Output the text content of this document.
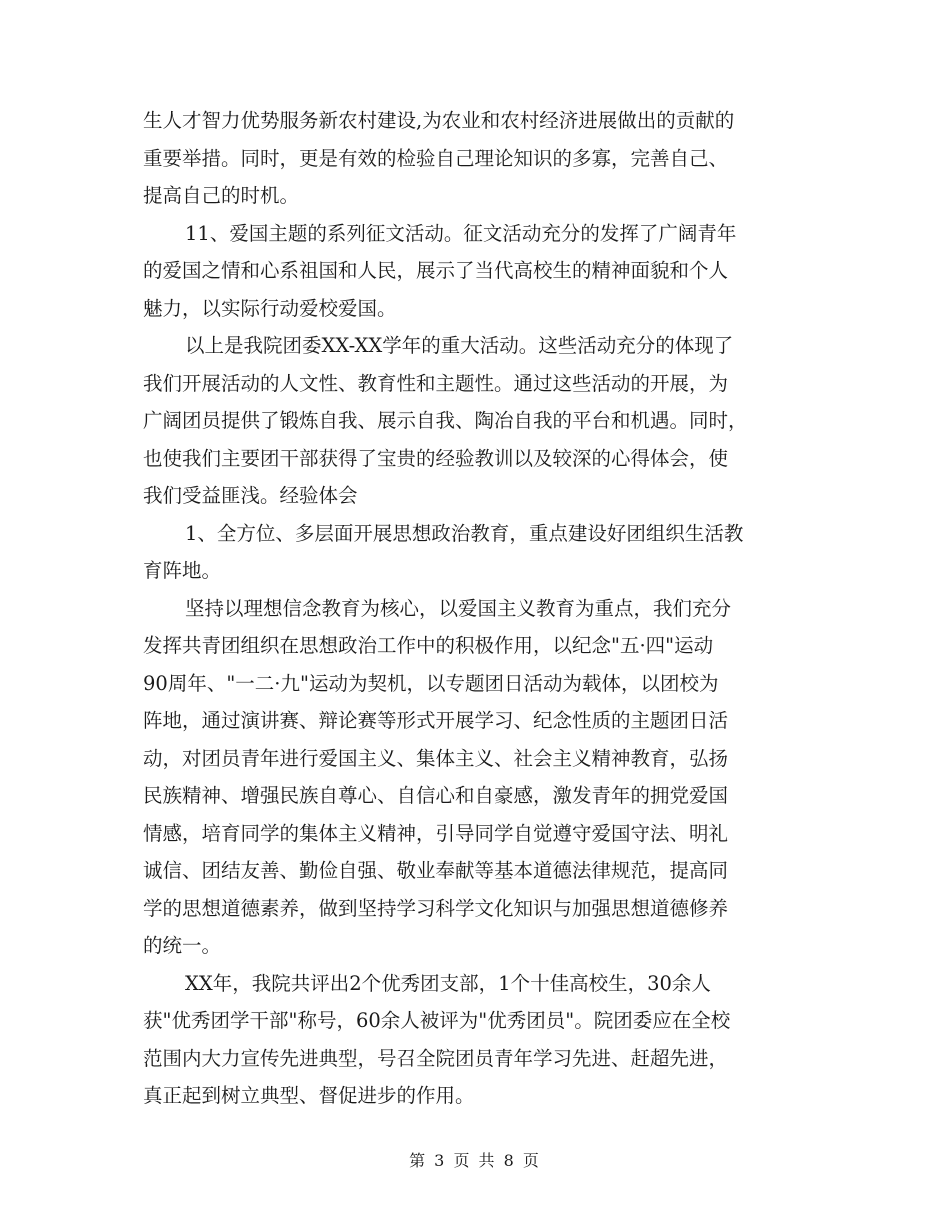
生人才智力优势服务新农村建设,为农业和农村经济进展做出的贡献的
重要举措。同时，更是有效的检验自己理论知识的多寡，完善自己、
提高自己的时机。

11、爱国主题的系列征文活动。征文活动充分的发挥了广阔青年
的爱国之情和心系祖国和人民，展示了当代高校生的精神面貌和个人
魅力，以实际行动爱校爱国。

以上是我院团委XX-XX学年的重大活动。这些活动充分的体现了
我们开展活动的人文性、教育性和主题性。通过这些活动的开展，为
广阔团员提供了锻炼自我、展示自我、陶冶自我的平台和机遇。同时，
也使我们主要团干部获得了宝贵的经验教训以及较深的心得体会，使
我们受益匪浅。经验体会

1、全方位、多层面开展思想政治教育，重点建设好团组织生活教
育阵地。

坚持以理想信念教育为核心，以爱国主义教育为重点，我们充分
发挥共青团组织在思想政治工作中的积极作用，以纪念"五·四"运动
90周年、"一二·九"运动为契机，以专题团日活动为载体，以团校为
阵地，通过演讲赛、辩论赛等形式开展学习、纪念性质的主题团日活
动，对团员青年进行爱国主义、集体主义、社会主义精神教育，弘扬
民族精神、增强民族自尊心、自信心和自豪感，激发青年的拥党爱国
情感，培育同学的集体主义精神，引导同学自觉遵守爱国守法、明礼
诚信、团结友善、勤俭自强、敬业奉献等基本道德法律规范，提高同
学的思想道德素养，做到坚持学习科学文化知识与加强思想道德修养
的统一。

XX年，我院共评出2个优秀团支部，1个十佳高校生，30余人
获"优秀团学干部"称号，60余人被评为"优秀团员"。院团委应在全校
范围内大力宣传先进典型，号召全院团员青年学习先进、赶超先进，
真正起到树立典型、督促进步的作用。

第 3 页 共 8 页
